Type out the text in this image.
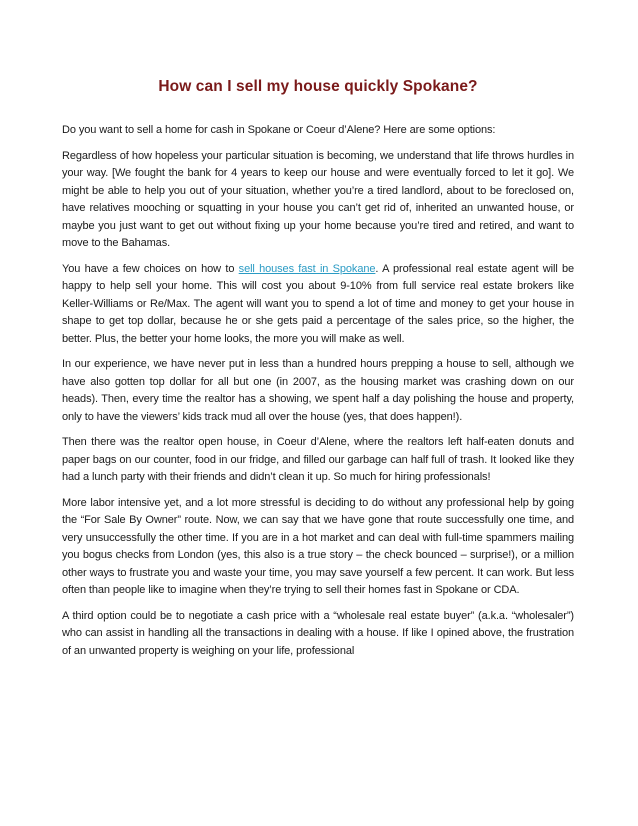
How can I sell my house quickly Spokane?

Do you want to sell a home for cash in Spokane or Coeur d’Alene? Here are some options:

Regardless of how hopeless your particular situation is becoming, we understand that life throws hurdles in your way. [We fought the bank for 4 years to keep our house and were eventually forced to let it go]. We might be able to help you out of your situation, whether you’re a tired landlord, about to be foreclosed on, have relatives mooching or squatting in your house you can’t get rid of, inherited an unwanted house, or maybe you just want to get out without fixing up your home because you’re tired and retired, and want to move to the Bahamas.

You have a few choices on how to sell houses fast in Spokane. A professional real estate agent will be happy to help sell your home. This will cost you about 9-10% from full service real estate brokers like Keller-Williams or Re/Max. The agent will want you to spend a lot of time and money to get your house in shape to get top dollar, because he or she gets paid a percentage of the sales price, so the higher, the better. Plus, the better your home looks, the more you will make as well.

In our experience, we have never put in less than a hundred hours prepping a house to sell, although we have also gotten top dollar for all but one (in 2007, as the housing market was crashing down on our heads). Then, every time the realtor has a showing, we spent half a day polishing the house and property, only to have the viewers’ kids track mud all over the house (yes, that does happen!).

Then there was the realtor open house, in Coeur d’Alene, where the realtors left half-eaten donuts and paper bags on our counter, food in our fridge, and filled our garbage can half full of trash. It looked like they had a lunch party with their friends and didn’t clean it up. So much for hiring professionals!

More labor intensive yet, and a lot more stressful is deciding to do without any professional help by going the “For Sale By Owner” route. Now, we can say that we have gone that route successfully one time, and very unsuccessfully the other time. If you are in a hot market and can deal with full-time spammers mailing you bogus checks from London (yes, this also is a true story – the check bounced – surprise!), or a million other ways to frustrate you and waste your time, you may save yourself a few percent. It can work. But less often than people like to imagine when they’re trying to sell their homes fast in Spokane or CDA.

A third option could be to negotiate a cash price with a “wholesale real estate buyer” (a.k.a. “wholesaler”) who can assist in handling all the transactions in dealing with a house. If like I opined above, the frustration of an unwanted property is weighing on your life, professional
